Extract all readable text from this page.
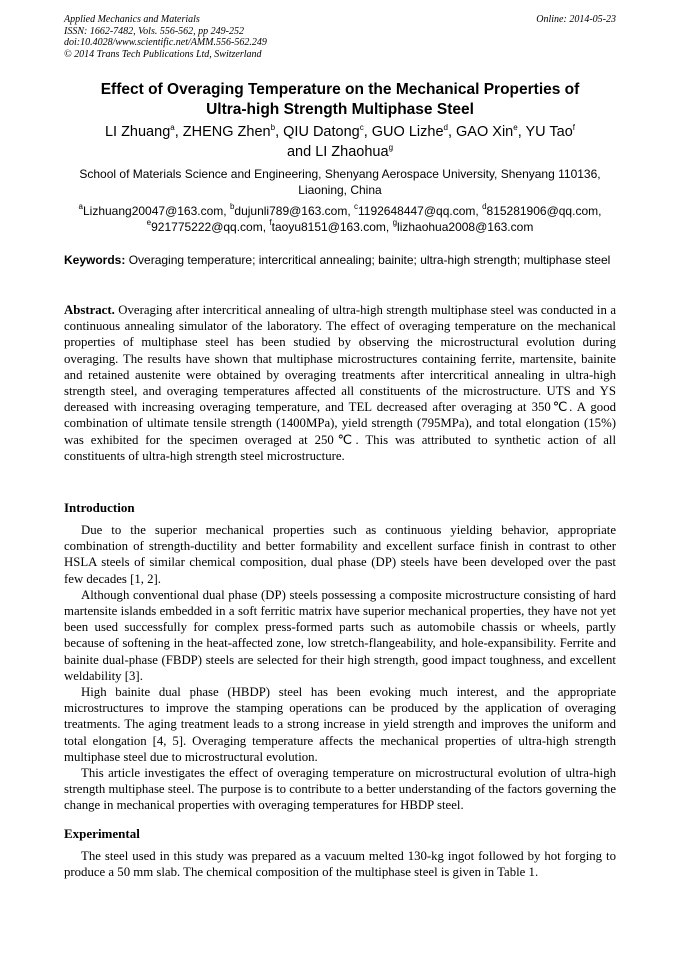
Applied Mechanics and Materials
ISSN: 1662-7482, Vols. 556-562, pp 249-252
doi:10.4028/www.scientific.net/AMM.556-562.249
© 2014 Trans Tech Publications Ltd, Switzerland
Online: 2014-05-23
Effect of Overaging Temperature on the Mechanical Properties of
Ultra-high Strength Multiphase Steel
LI Zhuang$^a$, ZHENG Zhen$^b$, QIU Datong$^c$, GUO Lizhe$^d$, GAO Xin$^e$, YU Tao$^f$
and LI Zhaohua$^g$
School of Materials Science and Engineering, Shenyang Aerospace University, Shenyang 110136, Liaoning, China
$^a$Lizhuang20047@163.com, $^b$dujunli789@163.com, $^c$1192648447@qq.com, $^d$815281906@qq.com,
$^e$921775222@qq.com, $^f$taoyu8151@163.com, $^g$lizhaohua2008@163.com
Keywords: Overaging temperature; intercritical annealing; bainite; ultra-high strength; multiphase steel
Abstract. Overaging after intercritical annealing of ultra-high strength multiphase steel was conducted in a continuous annealing simulator of the laboratory. The effect of overaging temperature on the mechanical properties of multiphase steel has been studied by observing the microstructural evolution during overaging. The results have shown that multiphase microstructures containing ferrite, martensite, bainite and retained austenite were obtained by overaging treatments after intercritical annealing in ultra-high strength steel, and overaging temperatures affected all constituents of the microstructure. UTS and YS dereased with increasing overaging temperature, and TEL decreased after overaging at 350℃. A good combination of ultimate tensile strength (1400MPa), yield strength (795MPa), and total elongation (15%) was exhibited for the specimen overaged at 250℃. This was attributed to synthetic action of all constituents of ultra-high strength steel microstructure.
Introduction

Due to the superior mechanical properties such as continuous yielding behavior, appropriate combination of strength-ductility and better formability and excellent surface finish in contrast to other HSLA steels of similar chemical composition, dual phase (DP) steels have been developed over the past few decades [1, 2].

Although conventional dual phase (DP) steels possessing a composite microstructure consisting of hard martensite islands embedded in a soft ferritic matrix have superior mechanical properties, they have not yet been used successfully for complex press-formed parts such as automobile chassis or wheels, partly because of softening in the heat-affected zone, low stretch-flangeability, and hole-expansibility. Ferrite and bainite dual-phase (FBDP) steels are selected for their high strength, good impact toughness, and excellent weldability [3].

High bainite dual phase (HBDP) steel has been evoking much interest, and the appropriate microstructures to improve the stamping operations can be produced by the application of overaging treatments. The aging treatment leads to a strong increase in yield strength and improves the uniform and total elongation [4, 5]. Overaging temperature affects the mechanical properties of ultra-high strength multiphase steel due to microstructural evolution.

This article investigates the effect of overaging temperature on microstructural evolution of ultra-high strength multiphase steel. The purpose is to contribute to a better understanding of the factors governing the change in mechanical properties with overaging temperatures for HBDP steel.

Experimental

The steel used in this study was prepared as a vacuum melted 130-kg ingot followed by hot forging to produce a 50 mm slab. The chemical composition of the multiphase steel is given in Table 1.
